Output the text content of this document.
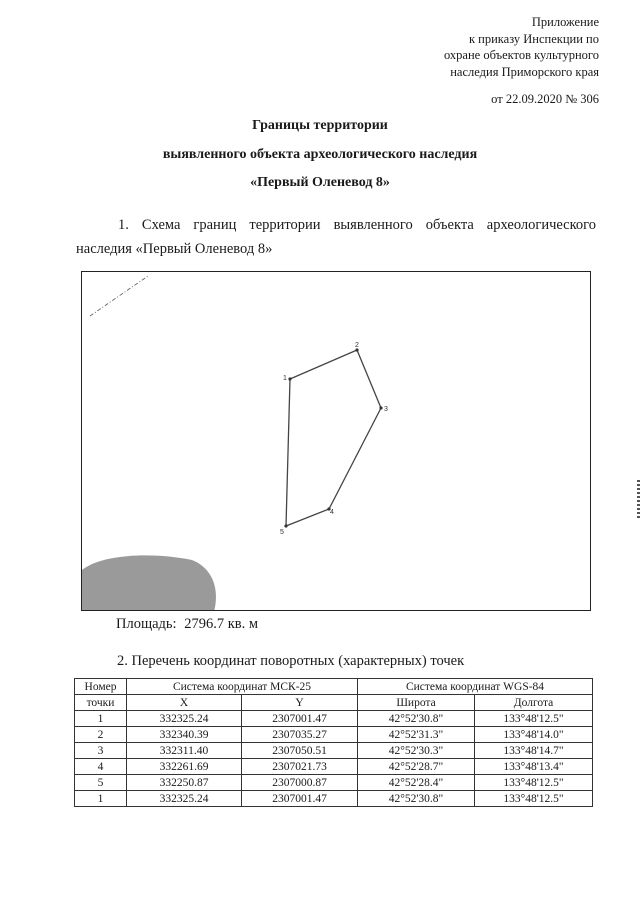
Приложение
к приказу Инспекции по
охране объектов культурного
наследия Приморского края
от 22.09.2020 № 306
Границы территории
выявленного объекта археологического наследия
«Первый Оленевод 8»
1. Схема границ территории выявленного объекта археологического наследия «Первый Оленевод 8»
1
2
3
4
5
Площадь: 2796.7 кв. м
2. Перечень координат поворотных (характерных) точек
Номер	Система координат МСК-25		Система координат WGS-84	
точки	X	Y	Широта	Долгота
1	332325.24	2307001.47	42°52'30.8"	133°48'12.5"
2	332340.39	2307035.27	42°52'31.3"	133°48'14.0"
3	332311.40	2307050.51	42°52'30.3"	133°48'14.7"
4	332261.69	2307021.73	42°52'28.7"	133°48'13.4"
5	332250.87	2307000.87	42°52'28.4"	133°48'12.5"
1	332325.24	2307001.47	42°52'30.8"	133°48'12.5"
